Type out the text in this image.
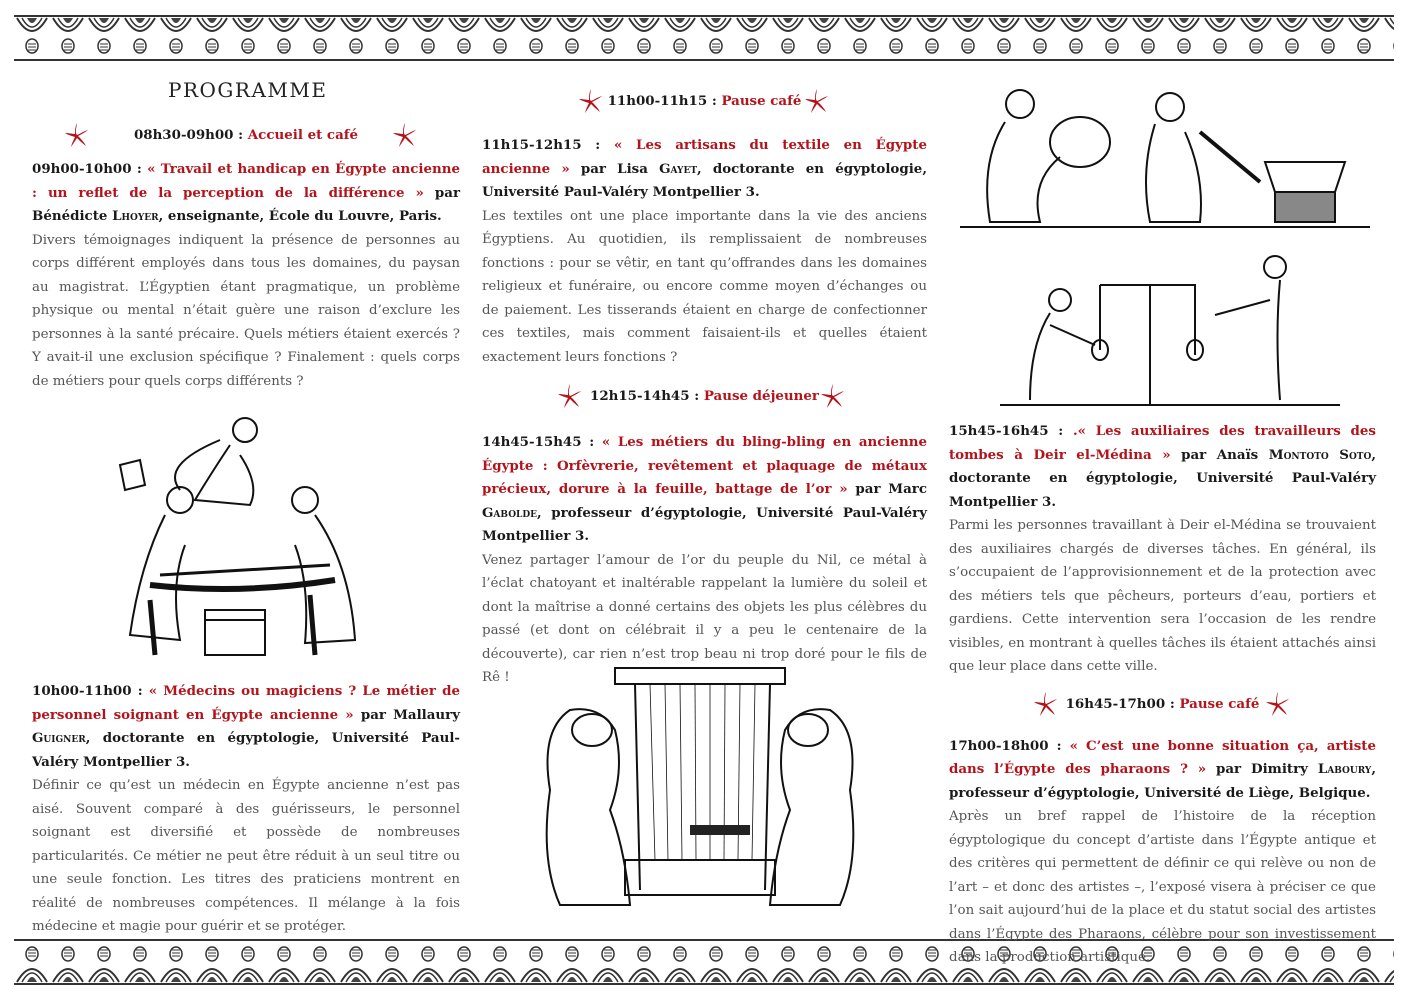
PROGRAMME
08h30-09h00 : Accueil et café
09h00-10h00 : « Travail et handicap en Égypte ancienne : un reflet de la perception de la différence » par Bénédicte Lhoyer, enseignante, École du Louvre, Paris.
Divers témoignages indiquent la présence de personnes au corps différent employés dans tous les domaines, du paysan au magistrat. L’Égyptien étant pragmatique, un problème physique ou mental n’était guère une raison d’exclure les personnes à la santé précaire. Quels métiers étaient exercés ? Y avait-il une exclusion spécifique ? Finalement : quels corps de métiers pour quels corps différents ?
10h00-11h00 : « Médecins ou magiciens ? Le métier de personnel soignant en Égypte ancienne » par Mallaury Guigner, doctorante en égyptologie, Université Paul-Valéry Montpellier 3.
Définir ce qu’est un médecin en Égypte ancienne n’est pas aisé. Souvent comparé à des guérisseurs, le personnel soignant est diversifié et possède de nombreuses particularités. Ce métier ne peut être réduit à un seul titre ou une seule fonction. Les titres des praticiens montrent en réalité de nombreuses compétences. Il mélange à la fois médecine et magie pour guérir et se protéger.
11h00-11h15 : Pause café
11h15-12h15 : « Les artisans du textile en Égypte ancienne » par Lisa Gayet, doctorante en égyptologie, Université Paul-Valéry Montpellier 3.
Les textiles ont une place importante dans la vie des anciens Égyptiens. Au quotidien, ils remplissaient de nombreuses fonctions : pour se vêtir, en tant qu’offrandes dans les domaines religieux et funéraire, ou encore comme moyen d’échanges ou de paiement. Les tisserands étaient en charge de confectionner ces textiles, mais comment faisaient-ils et quelles étaient exactement leurs fonctions ?
12h15-14h45 : Pause déjeuner
14h45-15h45 : « Les métiers du bling-bling en ancienne Égypte : Orfèvrerie, revêtement et plaquage de métaux précieux, dorure à la feuille, battage de l’or » par Marc Gabolde, professeur d’égyptologie, Université Paul-Valéry Montpellier 3.
Venez partager l’amour de l’or du peuple du Nil, ce métal à l’éclat chatoyant et inaltérable rappelant la lumière du soleil et dont la maîtrise a donné certains des objets les plus célèbres du passé (et dont on célébrait il y a peu le centenaire de la découverte), car rien n’est trop beau ni trop doré pour le fils de Rê !
15h45-16h45 : .« Les auxiliaires des travailleurs des tombes à Deir el-Médina » par Anaïs Montoto Soto, doctorante en égyptologie, Université Paul-Valéry Montpellier 3.
Parmi les personnes travaillant à Deir el-Médina se trouvaient des auxiliaires chargés de diverses tâches. En général, ils s’occupaient de l’approvisionnement et de la protection avec des métiers tels que pêcheurs, porteurs d’eau, portiers et gardiens. Cette intervention sera l’occasion de les rendre visibles, en montrant à quelles tâches ils étaient attachés ainsi que leur place dans cette ville.
16h45-17h00 : Pause café
17h00-18h00 : « C’est une bonne situation ça, artiste dans l’Égypte des pharaons ? » par Dimitry Laboury, professeur d’égyptologie, Université de Liège, Belgique.
Après un bref rappel de l’histoire de la réception égyptologique du concept d’artiste dans l’Égypte antique et des critères qui permettent de définir ce qui relève ou non de l’art – et donc des artistes –, l’exposé visera à préciser ce que l’on sait aujourd’hui de la place et du statut social des artistes dans l’Égypte des Pharaons, célèbre pour son investissement dans la production artistique.
